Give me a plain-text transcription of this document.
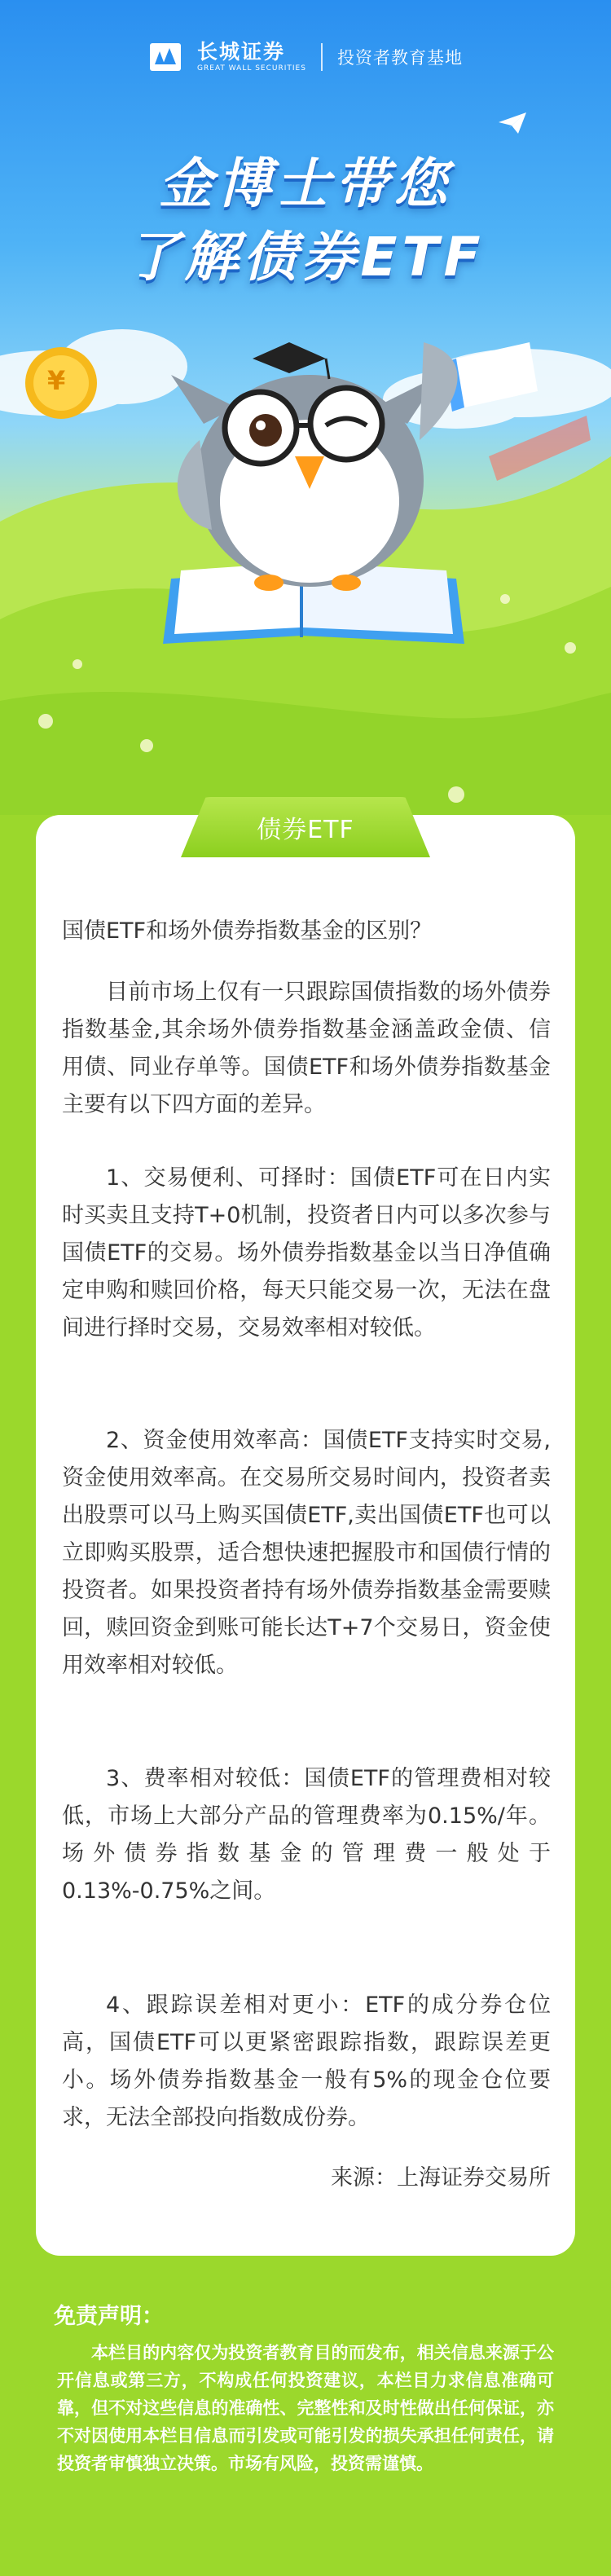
¥
长城证券
GREAT WALL SECURITIES
投资者教育基地
金博士带您
了解债券ETF
债券ETF
国债ETF和场外债券指数基金的区别？

目前市场上仅有一只跟踪国债指数的场外债券指数基金,其余场外债券指数基金涵盖政金债、信用债、同业存单等。国债ETF和场外债券指数基金主要有以下四方面的差异。

1、交易便利、可择时：国债ETF可在日内实时买卖且支持T+0机制，投资者日内可以多次参与国债ETF的交易。场外债券指数基金以当日净值确定申购和赎回价格，每天只能交易一次，无法在盘间进行择时交易，交易效率相对较低。

2、资金使用效率高：国债ETF支持实时交易,资金使用效率高。在交易所交易时间内，投资者卖出股票可以马上购买国债ETF,卖出国债ETF也可以立即购买股票，适合想快速把握股市和国债行情的投资者。如果投资者持有场外债券指数基金需要赎回，赎回资金到账可能长达T+7个交易日，资金使用效率相对较低。

3、费率相对较低：国债ETF的管理费相对较低，市场上大部分产品的管理费率为0.15%/年。场外债券指数基金的管理费一般处于0.13%-0.75%之间。

4、跟踪误差相对更小：ETF的成分券仓位高，国债ETF可以更紧密跟踪指数，跟踪误差更小。场外债券指数基金一般有5%的现金仓位要求，无法全部投向指数成份券。

来源：上海证券交易所
免责声明：

本栏目的内容仅为投资者教育目的而发布，相关信息来源于公开信息或第三方，不构成任何投资建议，本栏目力求信息准确可靠，但不对这些信息的准确性、完整性和及时性做出任何保证，亦不对因使用本栏目信息而引发或可能引发的损失承担任何责任，请投资者审慎独立决策。市场有风险，投资需谨慎。
